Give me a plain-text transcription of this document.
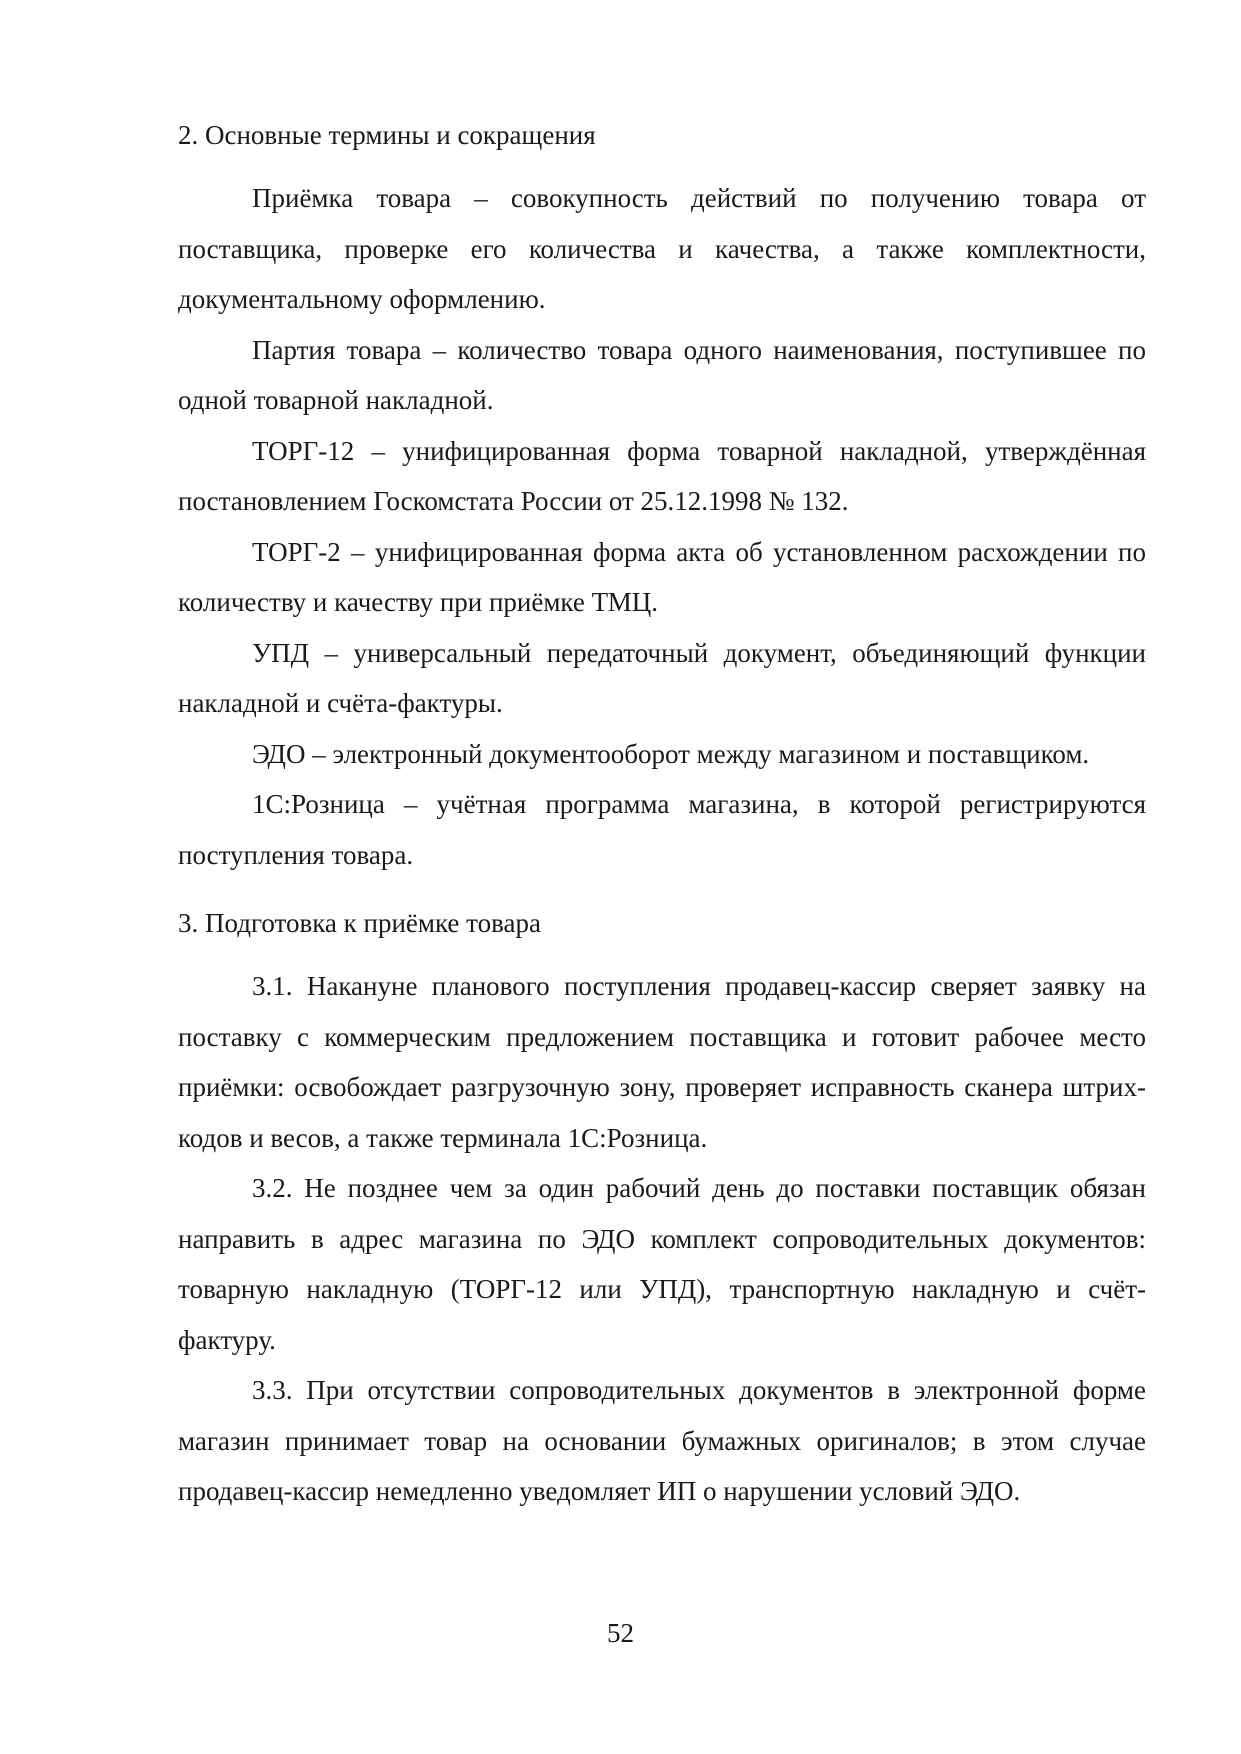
2. Основные термины и сокращения

Приёмка товара – совокупность действий по получению товара от поставщика, проверке его количества и качества, а также комплектности, документальному оформлению.

Партия товара – количество товара одного наименования, поступившее по одной товарной накладной.

ТОРГ-12 – унифицированная форма товарной накладной, утверждённая постановлением Госкомстата России от 25.12.1998 № 132.

ТОРГ-2 – унифицированная форма акта об установленном расхождении по количеству и качеству при приёмке ТМЦ.

УПД – универсальный передаточный документ, объединяющий функции накладной и счёта-фактуры.

ЭДО – электронный документооборот между магазином и поставщиком.

1С:Розница – учётная программа магазина, в которой регистрируются поступления товара.

3. Подготовка к приёмке товара

3.1. Накануне планового поступления продавец-кассир сверяет заявку на поставку с коммерческим предложением поставщика и готовит рабочее место приёмки: освобождает разгрузочную зону, проверяет исправность сканера штрих-кодов и весов, а также терминала 1С:Розница.

3.2. Не позднее чем за один рабочий день до поставки поставщик обязан направить в адрес магазина по ЭДО комплект сопроводительных документов: товарную накладную (ТОРГ-12 или УПД), транспортную накладную и счёт-фактуру.

3.3. При отсутствии сопроводительных документов в электронной форме магазин принимает товар на основании бумажных оригиналов; в этом случае продавец-кассир немедленно уведомляет ИП о нарушении условий ЭДО.

52
